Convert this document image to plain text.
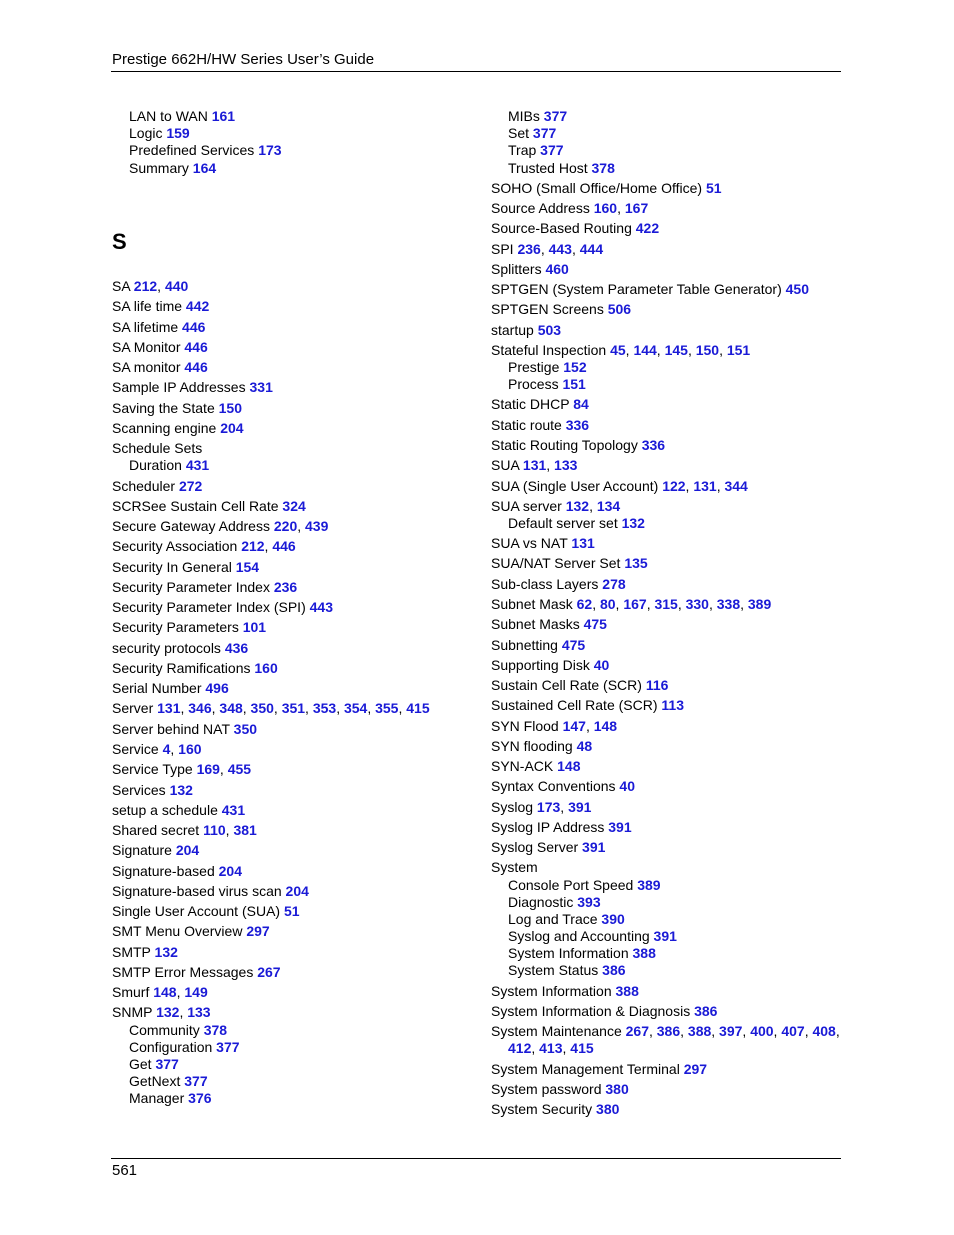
Prestige 662H/HW Series User’s Guide
LAN to WAN 161
Logic 159
Predefined Services 173
Summary 164
SA 212, 440
SA life time 442
SA lifetime 446
SA Monitor 446
SA monitor 446
Sample IP Addresses 331
Saving the State 150
Scanning engine 204
Schedule Sets
Duration 431
Scheduler 272
SCRSee Sustain Cell Rate 324
Secure Gateway Address 220, 439
Security Association 212, 446
Security In General 154
Security Parameter Index 236
Security Parameter Index (SPI) 443
Security Parameters 101
security protocols 436
Security Ramifications 160
Serial Number 496
Server 131, 346, 348, 350, 351, 353, 354, 355, 415
Server behind NAT 350
Service 4, 160
Service Type 169, 455
Services 132
setup a schedule 431
Shared secret 110, 381
Signature 204
Signature-based 204
Signature-based virus scan 204
Single User Account (SUA) 51
SMT Menu Overview 297
SMTP 132
SMTP Error Messages 267
Smurf 148, 149
SNMP 132, 133
Community 378
Configuration 377
Get 377
GetNext 377
Manager 376
S
MIBs 377
Set 377
Trap 377
Trusted Host 378
SOHO (Small Office/Home Office) 51
Source Address 160, 167
Source-Based Routing 422
SPI 236, 443, 444
Splitters 460
SPTGEN (System Parameter Table Generator) 450
SPTGEN Screens 506
startup 503
Stateful Inspection 45, 144, 145, 150, 151
Prestige 152
Process 151
Static DHCP 84
Static route 336
Static Routing Topology 336
SUA 131, 133
SUA (Single User Account) 122, 131, 344
SUA server 132, 134
Default server set 132
SUA vs NAT 131
SUA/NAT Server Set 135
Sub-class Layers 278
Subnet Mask 62, 80, 167, 315, 330, 338, 389
Subnet Masks 475
Subnetting 475
Supporting Disk 40
Sustain Cell Rate (SCR) 116
Sustained Cell Rate (SCR) 113
SYN Flood 147, 148
SYN flooding 48
SYN-ACK 148
Syntax Conventions 40
Syslog 173, 391
Syslog IP Address 391
Syslog Server 391
System
Console Port Speed 389
Diagnostic 393
Log and Trace 390
Syslog and Accounting 391
System Information 388
System Status 386
System Information 388
System Information & Diagnosis 386
System Maintenance 267, 386, 388, 397, 400, 407, 408,
412, 413, 415
System Management Terminal 297
System password 380
System Security 380
561
